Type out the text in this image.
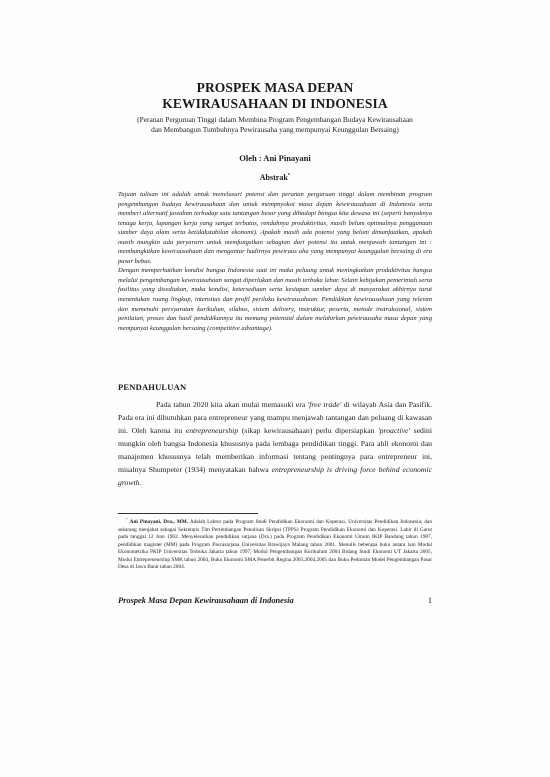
PROSPEK MASA DEPAN
KEWIRAUSAHAAN DI INDONESIA
(Peranan Perguruan Tinggi dalam Membina Program Pengembangan Budaya Kewirausahaan
dan Membangun Tumbuhnya Pewirausaha yang mempunyai Keunggulan Bersaing)
Oleh : Ani Pinayani
Abstrak*

Tujuan tulisan ini adalah untuk menelusuri potensi dan peranan perguruan tinggi dalam membinan program pengembangan budaya kewirausahaan dan untuk mempnyokoi masa depan kewirausahaan di Indonesia serta memberi alternatif jawaban terhadap satu tantangan besar yang dihadapi bangsa kita dewasa ini (seperti banyaknya tenaga kerja, lapangan kerja yang sangat terbatas, rendahnya produktivitas, masih belum optimalnya penggunaan sumber daya alam serta ketidakstabilan ekonomi). Apakah masih ada potensi yang belum dimanfaatkan, apakah masih mungkin ada peryararn untuk memfungsikan sebagian dari potensi itu untuk menjawab tantangan ini : membangkitkan kewirausahaan dan mengantar hadirnya pewiraus aha yang mempunyai keunggulan bersaing di era pasar bebas.

Dengan memperhatikan kondisi bangsa Indonesia saat ini maka peluang untuk meningkatkan produktivitas bangsa melalui pengembangan kewirausahaan sangat diperlukan dan masih terbuka lebar. Selain kebijakan pemerintah serta fasilitas yang disediakan, maka kondisi, ketersediaan serta kesiapan sumber daya di masyarakat akhirnya turut menentukan ruang lingkup, intensitas dan profil perilaku kewirausahaan. Pendidikan kewirausahaan yang relevan dan memenuhi persyaratan kurikulum, silabus, sistem delivery, instruktur, peserta, metode instruksional, sistem penilaian, proses dan hasil pendidikannya itu memang potensial dalam melahirkan pewirausaha masa depan yang mempunyai keunggulan bersaing (competitive advantage).

PENDAHULUAN

Pada tahun 2020 kita akan mulai memasuki era 'free trade' di wilayah Asia dan Pasifik. Pada era ini dibutuhkan para entrepreneur yang mampu menjawab tantangan dan peluang di kawasan ini. Oleh karena itu entrepreneurship (sikap kewirausahaan) perlu dipersiapkan 'proactive' sedini mungkin oleh bangsa Indonesia khususnya pada lembaga pendidikan tinggi. Para ahli ekonomi dan manajemen khususnya telah memberikan informasi tentang pentingnya para entrepreneur ini, misalnya Shumpeter (1934) menyatakan bahwa entrepreneurship is driving force behind economic growth.

* Ani Pinayani, Dra., MM. Adalah Lektor pada Program Studi Pendidikan Ekonomi dan Koperasi, Universitas Pendidikan Indonesia; dan sekarang menjabat sebagai Sekretaris Tim Pertimbangan Penulisan Skripsi (TPPS) Program Pendidikan Ekonomi dan Koperasi. Lahir di Garut pada tanggal 12 Juni 1962. Menyelesaikan pendidikan sarjana (Dra.) pada Program Pendidikan Ekonomi Umum IKIP Bandung tahun 1987, pendidikan magister (MM) pada Program Pascasarjana Universitas Brawijaya Malang tahun 2001. Menulis beberapa buku antara lain Modul Ekonometrika PKIP Universitas Terbuka Jakarta tahun 1997, Modul Pengembangan Kurikulum 2004 Bidang Studi Ekonomi UT Jakarta 2005, Modul Entrepreneurship SMK tahun 2004, Buku Ekonomi SMA Penerbit Regina 2003,2004,2005 dan Buku Pedoman Model Pengembangan Pasar Desa di Jawa Barat tahun 2004.

Prospek Masa Depan Kewirausahaan di Indonesia	1
